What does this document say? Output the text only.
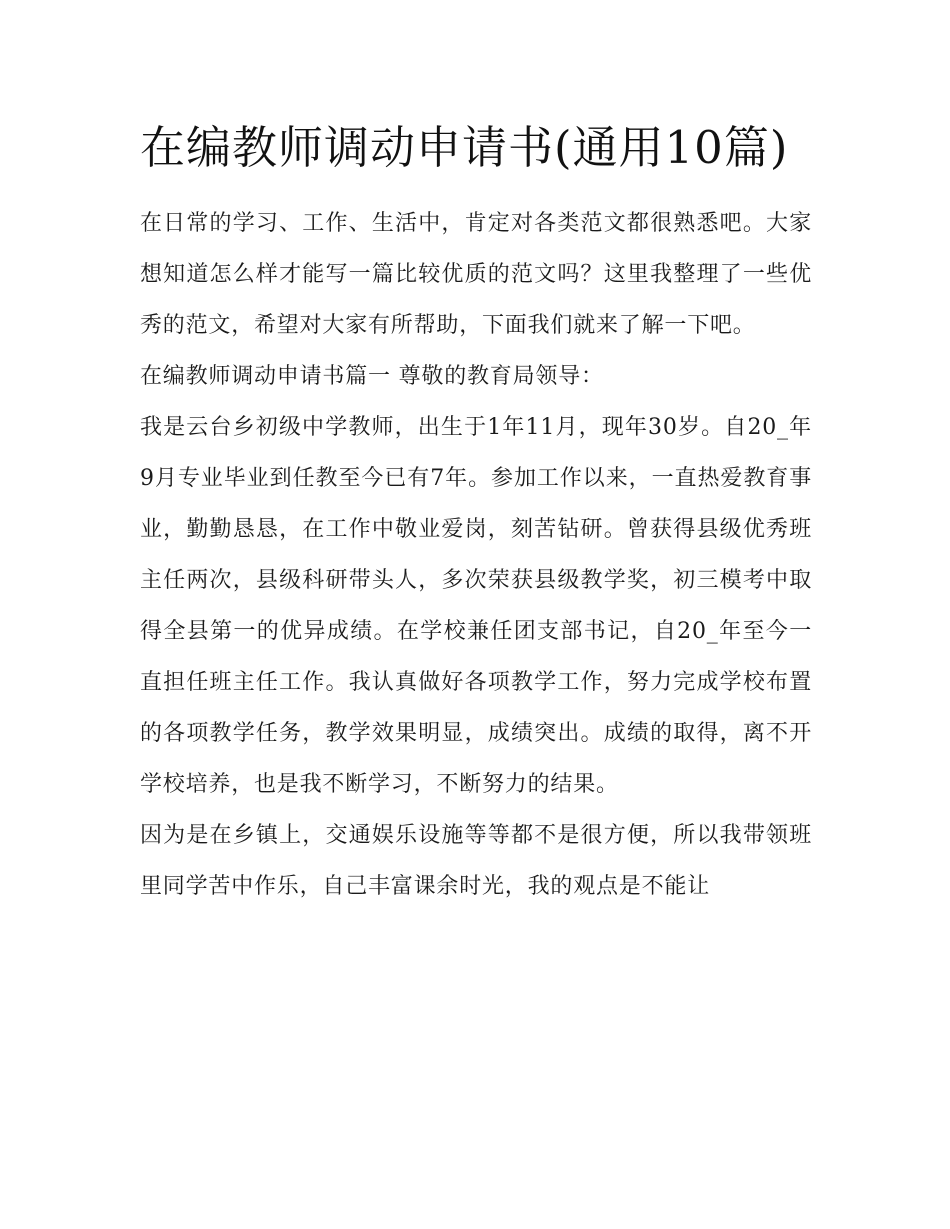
在编教师调动申请书(通用10篇)

在日常的学习、工作、生活中，肯定对各类范文都很熟悉吧。大家想知道怎么样才能写一篇比较优质的范文吗？这里我整理了一些优秀的范文，希望对大家有所帮助，下面我们就来了解一下吧。

在编教师调动申请书篇一 尊敬的教育局领导：

我是云台乡初级中学教师，出生于1年11月，现年30岁。自20_年9月专业毕业到任教至今已有7年。参加工作以来，一直热爱教育事业，勤勤恳恳，在工作中敬业爱岗，刻苦钻研。曾获得县级优秀班主任两次，县级科研带头人，多次荣获县级教学奖，初三模考中取得全县第一的优异成绩。在学校兼任团支部书记，自20_年至今一直担任班主任工作。我认真做好各项教学工作，努力完成学校布置的各项教学任务，教学效果明显，成绩突出。成绩的取得，离不开学校培养，也是我不断学习，不断努力的结果。

因为是在乡镇上，交通娱乐设施等等都不是很方便，所以我带领班里同学苦中作乐，自己丰富课余时光，我的观点是不能让
